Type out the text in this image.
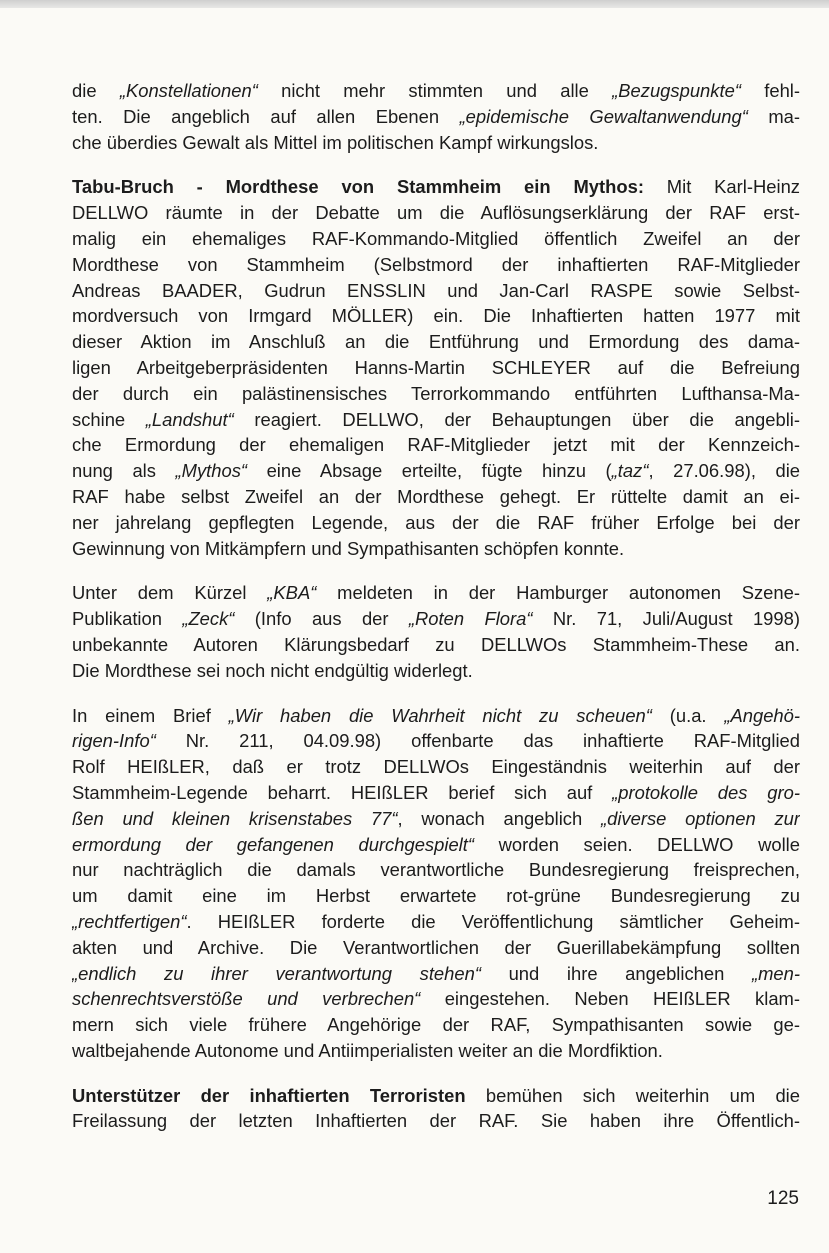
die „Konstellationen“ nicht mehr stimmten und alle „Bezugspunkte“ fehl-
ten. Die angeblich auf allen Ebenen „epidemische Gewaltanwendung“ ma-
che überdies Gewalt als Mittel im politischen Kampf wirkungslos.

Tabu-Bruch - Mordthese von Stammheim ein Mythos: Mit Karl-Heinz
DELLWO räumte in der Debatte um die Auflösungserklärung der RAF erst-
malig ein ehemaliges RAF-Kommando-Mitglied öffentlich Zweifel an der
Mordthese von Stammheim (Selbstmord der inhaftierten RAF-Mitglieder
Andreas BAADER, Gudrun ENSSLIN und Jan-Carl RASPE sowie Selbst-
mordversuch von Irmgard MÖLLER) ein. Die Inhaftierten hatten 1977 mit
dieser Aktion im Anschluß an die Entführung und Ermordung des dama-
ligen Arbeitgeberpräsidenten Hanns-Martin SCHLEYER auf die Befreiung
der durch ein palästinensisches Terrorkommando entführten Lufthansa-Ma-
schine „Landshut“ reagiert. DELLWO, der Behauptungen über die angebli-
che Ermordung der ehemaligen RAF-Mitglieder jetzt mit der Kennzeich-
nung als „Mythos“ eine Absage erteilte, fügte hinzu („taz“, 27.06.98), die
RAF habe selbst Zweifel an der Mordthese gehegt. Er rüttelte damit an ei-
ner jahrelang gepflegten Legende, aus der die RAF früher Erfolge bei der
Gewinnung von Mitkämpfern und Sympathisanten schöpfen konnte.

Unter dem Kürzel „KBA“ meldeten in der Hamburger autonomen Szene-
Publikation „Zeck“ (Info aus der „Roten Flora“ Nr. 71, Juli/August 1998)
unbekannte Autoren Klärungsbedarf zu DELLWOs Stammheim-These an.
Die Mordthese sei noch nicht endgültig widerlegt.

In einem Brief „Wir haben die Wahrheit nicht zu scheuen“ (u.a. „Angehö-
rigen-Info“ Nr. 211, 04.09.98) offenbarte das inhaftierte RAF-Mitglied
Rolf HEIßLER, daß er trotz DELLWOs Eingeständnis weiterhin auf der
Stammheim-Legende beharrt. HEIßLER berief sich auf „protokolle des gro-
ßen und kleinen krisenstabes 77“, wonach angeblich „diverse optionen zur
ermordung der gefangenen durchgespielt“ worden seien. DELLWO wolle
nur nachträglich die damals verantwortliche Bundesregierung freisprechen,
um damit eine im Herbst erwartete rot-grüne Bundesregierung zu
„rechtfertigen“. HEIßLER forderte die Veröffentlichung sämtlicher Geheim-
akten und Archive. Die Verantwortlichen der Guerillabekämpfung sollten
„endlich zu ihrer verantwortung stehen“ und ihre angeblichen „men-
schenrechtsverstöße und verbrechen“ eingestehen. Neben HEIßLER klam-
mern sich viele frühere Angehörige der RAF, Sympathisanten sowie ge-
waltbejahende Autonome und Antiimperialisten weiter an die Mordfiktion.

Unterstützer der inhaftierten Terroristen bemühen sich weiterhin um die
Freilassung der letzten Inhaftierten der RAF. Sie haben ihre Öffentlich-

125
